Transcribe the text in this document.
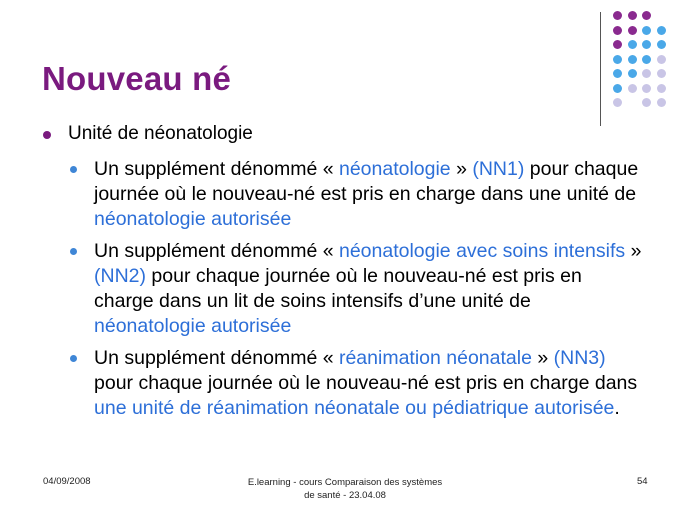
Nouveau né
Unité de néonatologie
Un supplément dénommé « néonatologie » (NN1) pour chaque journée où le nouveau-né est pris en charge dans une unité de néonatologie autorisée
Un supplément dénommé « néonatologie avec soins intensifs » (NN2) pour chaque journée où le nouveau-né est pris en charge dans un lit de soins intensifs d’une unité de néonatologie autorisée
Un supplément dénommé « réanimation néonatale » (NN3) pour chaque journée où le nouveau-né est pris en charge dans une unité de réanimation néonatale ou pédiatrique autorisée.
04/09/2008	E.learning - cours Comparaison des systèmes
de santé - 23.04.08
54
